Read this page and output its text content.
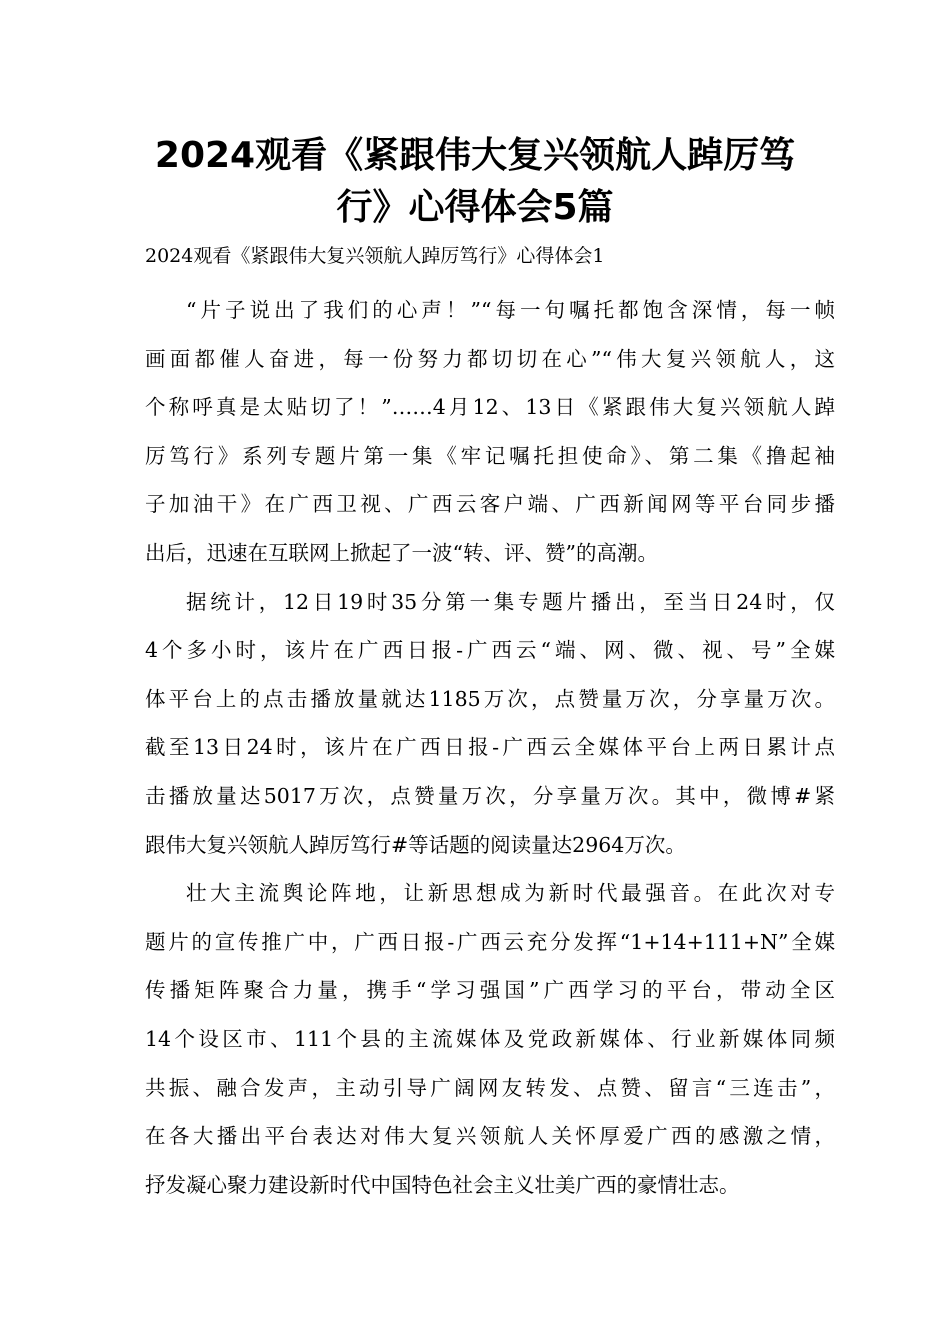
2024观看《紧跟伟大复兴领航人踔厉笃
行》心得体会5篇

2024观看《紧跟伟大复兴领航人踔厉笃行》心得体会1

“片子说出了我们的心声！”“每一句嘱托都饱含深情，每一帧
画面都催人奋进，每一份努力都切切在心”“伟大复兴领航人，这
个称呼真是太贴切了！”……4月12、13日《紧跟伟大复兴领航人踔
厉笃行》系列专题片第一集《牢记嘱托担使命》、第二集《撸起袖
子加油干》在广西卫视、广西云客户端、广西新闻网等平台同步播
出后，迅速在互联网上掀起了一波“转、评、赞”的高潮。

据统计，12日19时35分第一集专题片播出，至当日24时，仅
4个多小时，该片在广西日报-广西云“端、网、微、视、号”全媒
体平台上的点击播放量就达1185万次，点赞量万次，分享量万次。
截至13日24时，该片在广西日报-广西云全媒体平台上两日累计点
击播放量达5017万次，点赞量万次，分享量万次。其中，微博#紧
跟伟大复兴领航人踔厉笃行#等话题的阅读量达2964万次。

壮大主流舆论阵地，让新思想成为新时代最强音。在此次对专
题片的宣传推广中，广西日报-广西云充分发挥“1+14+111+N”全媒
传播矩阵聚合力量，携手“学习强国”广西学习的平台，带动全区
14个设区市、111个县的主流媒体及党政新媒体、行业新媒体同频
共振、融合发声，主动引导广阔网友转发、点赞、留言“三连击”，
在各大播出平台表达对伟大复兴领航人关怀厚爱广西的感激之情，
抒发凝心聚力建设新时代中国特色社会主义壮美广西的豪情壮志。
